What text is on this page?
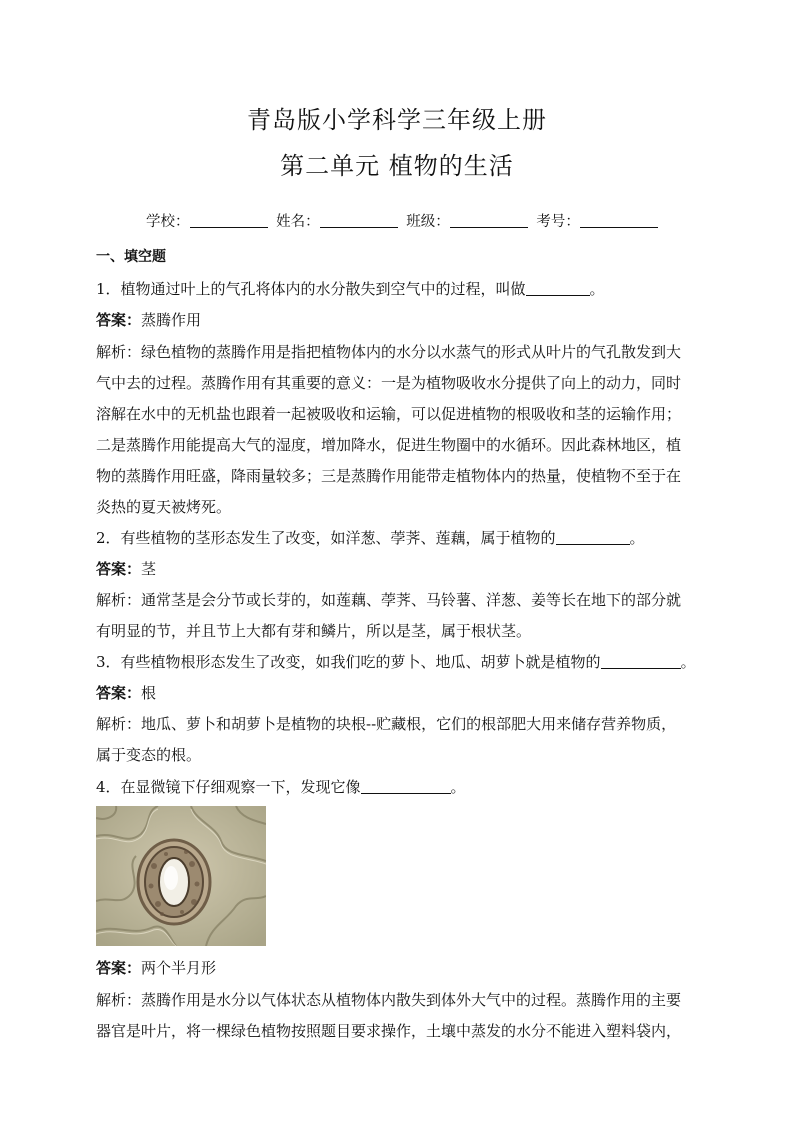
青岛版小学科学三年级上册
第二单元 植物的生活
学校：	姓名：	班级：	考号：
一、填空题
1．植物通过叶上的气孔将体内的水分散失到空气中的过程，叫做	。
答案：蒸腾作用
解析：绿色植物的蒸腾作用是指把植物体内的水分以水蒸气的形式从叶片的气孔散发到大
气中去的过程。蒸腾作用有其重要的意义：一是为植物吸收水分提供了向上的动力，同时
溶解在水中的无机盐也跟着一起被吸收和运输，可以促进植物的根吸收和茎的运输作用；
二是蒸腾作用能提高大气的湿度，增加降水，促进生物圈中的水循环。因此森林地区，植
物的蒸腾作用旺盛，降雨量较多；三是蒸腾作用能带走植物体内的热量，使植物不至于在
炎热的夏天被烤死。
2．有些植物的茎形态发生了改变，如洋葱、荸荠、莲藕，属于植物的	。
答案：茎
解析：通常茎是会分节或长芽的，如莲藕、荸荠、马铃薯、洋葱、姜等长在地下的部分就
有明显的节，并且节上大都有芽和鳞片，所以是茎，属于根状茎。
3．有些植物根形态发生了改变，如我们吃的萝卜、地瓜、胡萝卜就是植物的	。
答案：根
解析：地瓜、萝卜和胡萝卜是植物的块根--贮藏根，它们的根部肥大用来储存营养物质，
属于变态的根。
4．在显微镜下仔细观察一下，发现它像	。
答案：两个半月形
解析：蒸腾作用是水分以气体状态从植物体内散失到体外大气中的过程。蒸腾作用的主要
器官是叶片，将一棵绿色植物按照题目要求操作，土壤中蒸发的水分不能进入塑料袋内，
